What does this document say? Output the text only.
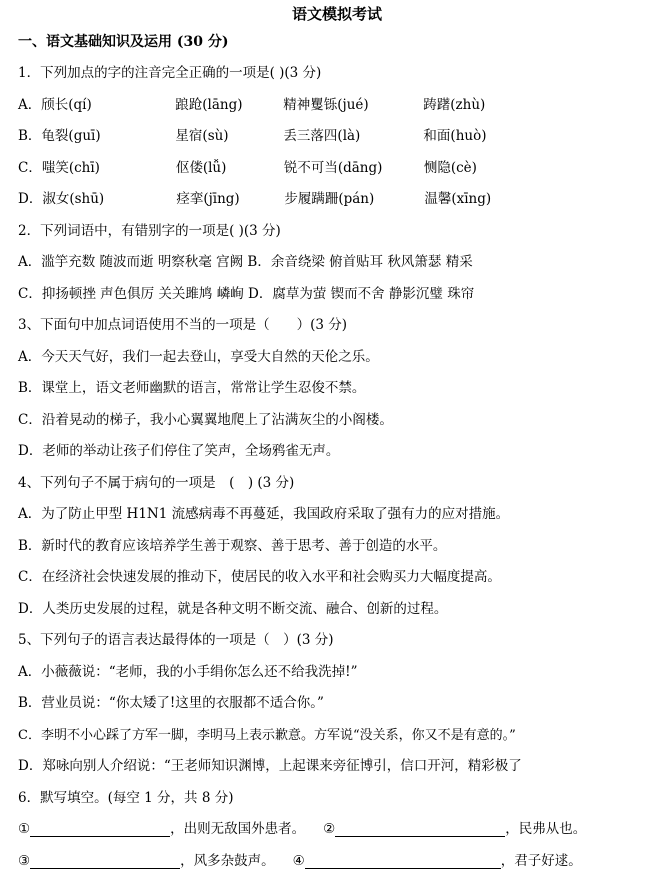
语文模拟考试
一、语文基础知识及运用 (30 分)
1．下列加点的字的注音完全正确的一项是( )(3 分)
A． 颀长(qí)	踉跄(lāng)	精神矍铄(jué)	踌躇(zhù)
B． 龟裂(guī)	星宿(sù)	丢三落四(là)	和面(huò)
C． 嗤笑(chī)	伛偻(lǚ)	锐不可当(dāng)	恻隐(cè)
D． 淑女(shū)	痉挛(jīng)	步履蹒跚(pán)	温馨(xīng)
2．下列词语中，有错别字的一项是( )(3 分)
A．滥竽充数 随波而逝 明察秋毫 宫阙 B．余音绕梁 俯首贴耳 秋风箫瑟 精采
C．抑扬顿挫 声色俱厉 关关雎鸠 嶙峋 D．腐草为萤 锲而不舍 静影沉璧 珠帘
3、下面句中加点词语使用不当的一项是（　　）(3 分)
A．今天天气好，我们一起去登山，享受大自然的天伦之乐。
B．课堂上，语文老师幽默的语言，常常让学生忍俊不禁。
C．沿着晃动的梯子，我小心翼翼地爬上了沾满灰尘的小阁楼。
D．老师的举动让孩子们停住了笑声，全场鸦雀无声。
4、下列句子不属于病句的一项是　(　) (3 分)
A．为了防止甲型 H1N1 流感病毒不再蔓延，我国政府采取了强有力的应对措施。
B．新时代的教育应该培养学生善于观察、善于思考、善于创造的水平。
C．在经济社会快速发展的推动下，使居民的收入水平和社会购买力大幅度提高。
D．人类历史发展的过程，就是各种文明不断交流、融合、创新的过程。
5、下列句子的语言表达最得体的一项是（　）(3 分)
A．小薇薇说：“老师，我的小手绢你怎么还不给我洗掉!”
B．营业员说：“你太矮了!这里的衣服都不适合你。”
C．李明不小心踩了方军一脚，李明马上表示歉意。方军说“没关系，你又不是有意的。”
D．郑咏向别人介绍说：“王老师知识渊博，上起课来旁征博引，信口开河，精彩极了
6．默写填空。(每空 1 分，共 8 分)
①	，出则无敌国外患者。 ②	，民弗从也。
③	，风多杂鼓声。 ④	，君子好逑。
